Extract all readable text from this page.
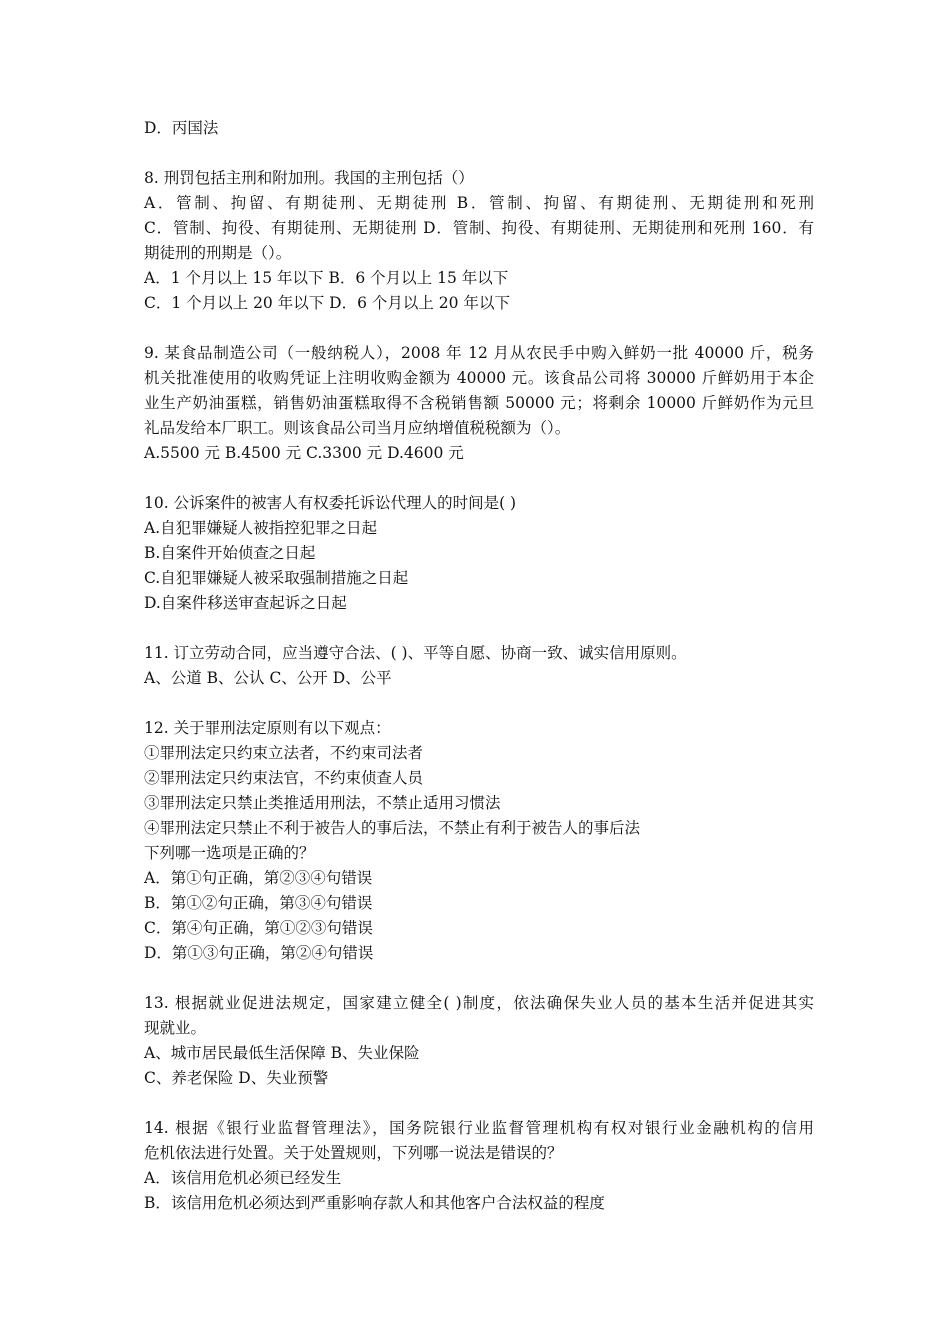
D．丙国法
8. 刑罚包括主刑和附加刑。我国的主刑包括（）
A．管制、拘留、有期徒刑、无期徒刑 B．管制、拘留、有期徒刑、无期徒刑和死刑
C．管制、拘役、有期徒刑、无期徒刑 D．管制、拘役、有期徒刑、无期徒刑和死刑 160．有
期徒刑的刑期是（）。
A．1 个月以上 15 年以下 B．6 个月以上 15 年以下
C．1 个月以上 20 年以下 D．6 个月以上 20 年以下
9. 某食品制造公司（一般纳税人），2008 年 12 月从农民手中购入鲜奶一批 40000 斤，税务
机关批准使用的收购凭证上注明收购金额为 40000 元。该食品公司将 30000 斤鲜奶用于本企
业生产奶油蛋糕，销售奶油蛋糕取得不含税销售额 50000 元；将剩余 10000 斤鲜奶作为元旦
礼品发给本厂职工。则该食品公司当月应纳增值税税额为（）。
A.5500 元 B.4500 元 C.3300 元 D.4600 元
10. 公诉案件的被害人有权委托诉讼代理人的时间是( )
A.自犯罪嫌疑人被指控犯罪之日起
B.自案件开始侦查之日起
C.自犯罪嫌疑人被采取强制措施之日起
D.自案件移送审查起诉之日起
11. 订立劳动合同，应当遵守合法、( )、平等自愿、协商一致、诚实信用原则。
A、公道 B、公认 C、公开 D、公平
12. 关于罪刑法定原则有以下观点：
①罪刑法定只约束立法者，不约束司法者
②罪刑法定只约束法官，不约束侦查人员
③罪刑法定只禁止类推适用刑法，不禁止适用习惯法
④罪刑法定只禁止不利于被告人的事后法，不禁止有利于被告人的事后法
下列哪一选项是正确的？
A．第①句正确，第②③④句错误
B．第①②句正确，第③④句错误
C．第④句正确，第①②③句错误
D．第①③句正确，第②④句错误
13. 根据就业促进法规定，国家建立健全( )制度，依法确保失业人员的基本生活并促进其实
现就业。
A、城市居民最低生活保障 B、失业保险
C、养老保险 D、失业预警
14. 根据《银行业监督管理法》，国务院银行业监督管理机构有权对银行业金融机构的信用
危机依法进行处置。关于处置规则，下列哪一说法是错误的？
A．该信用危机必须已经发生
B．该信用危机必须达到严重影响存款人和其他客户合法权益的程度
